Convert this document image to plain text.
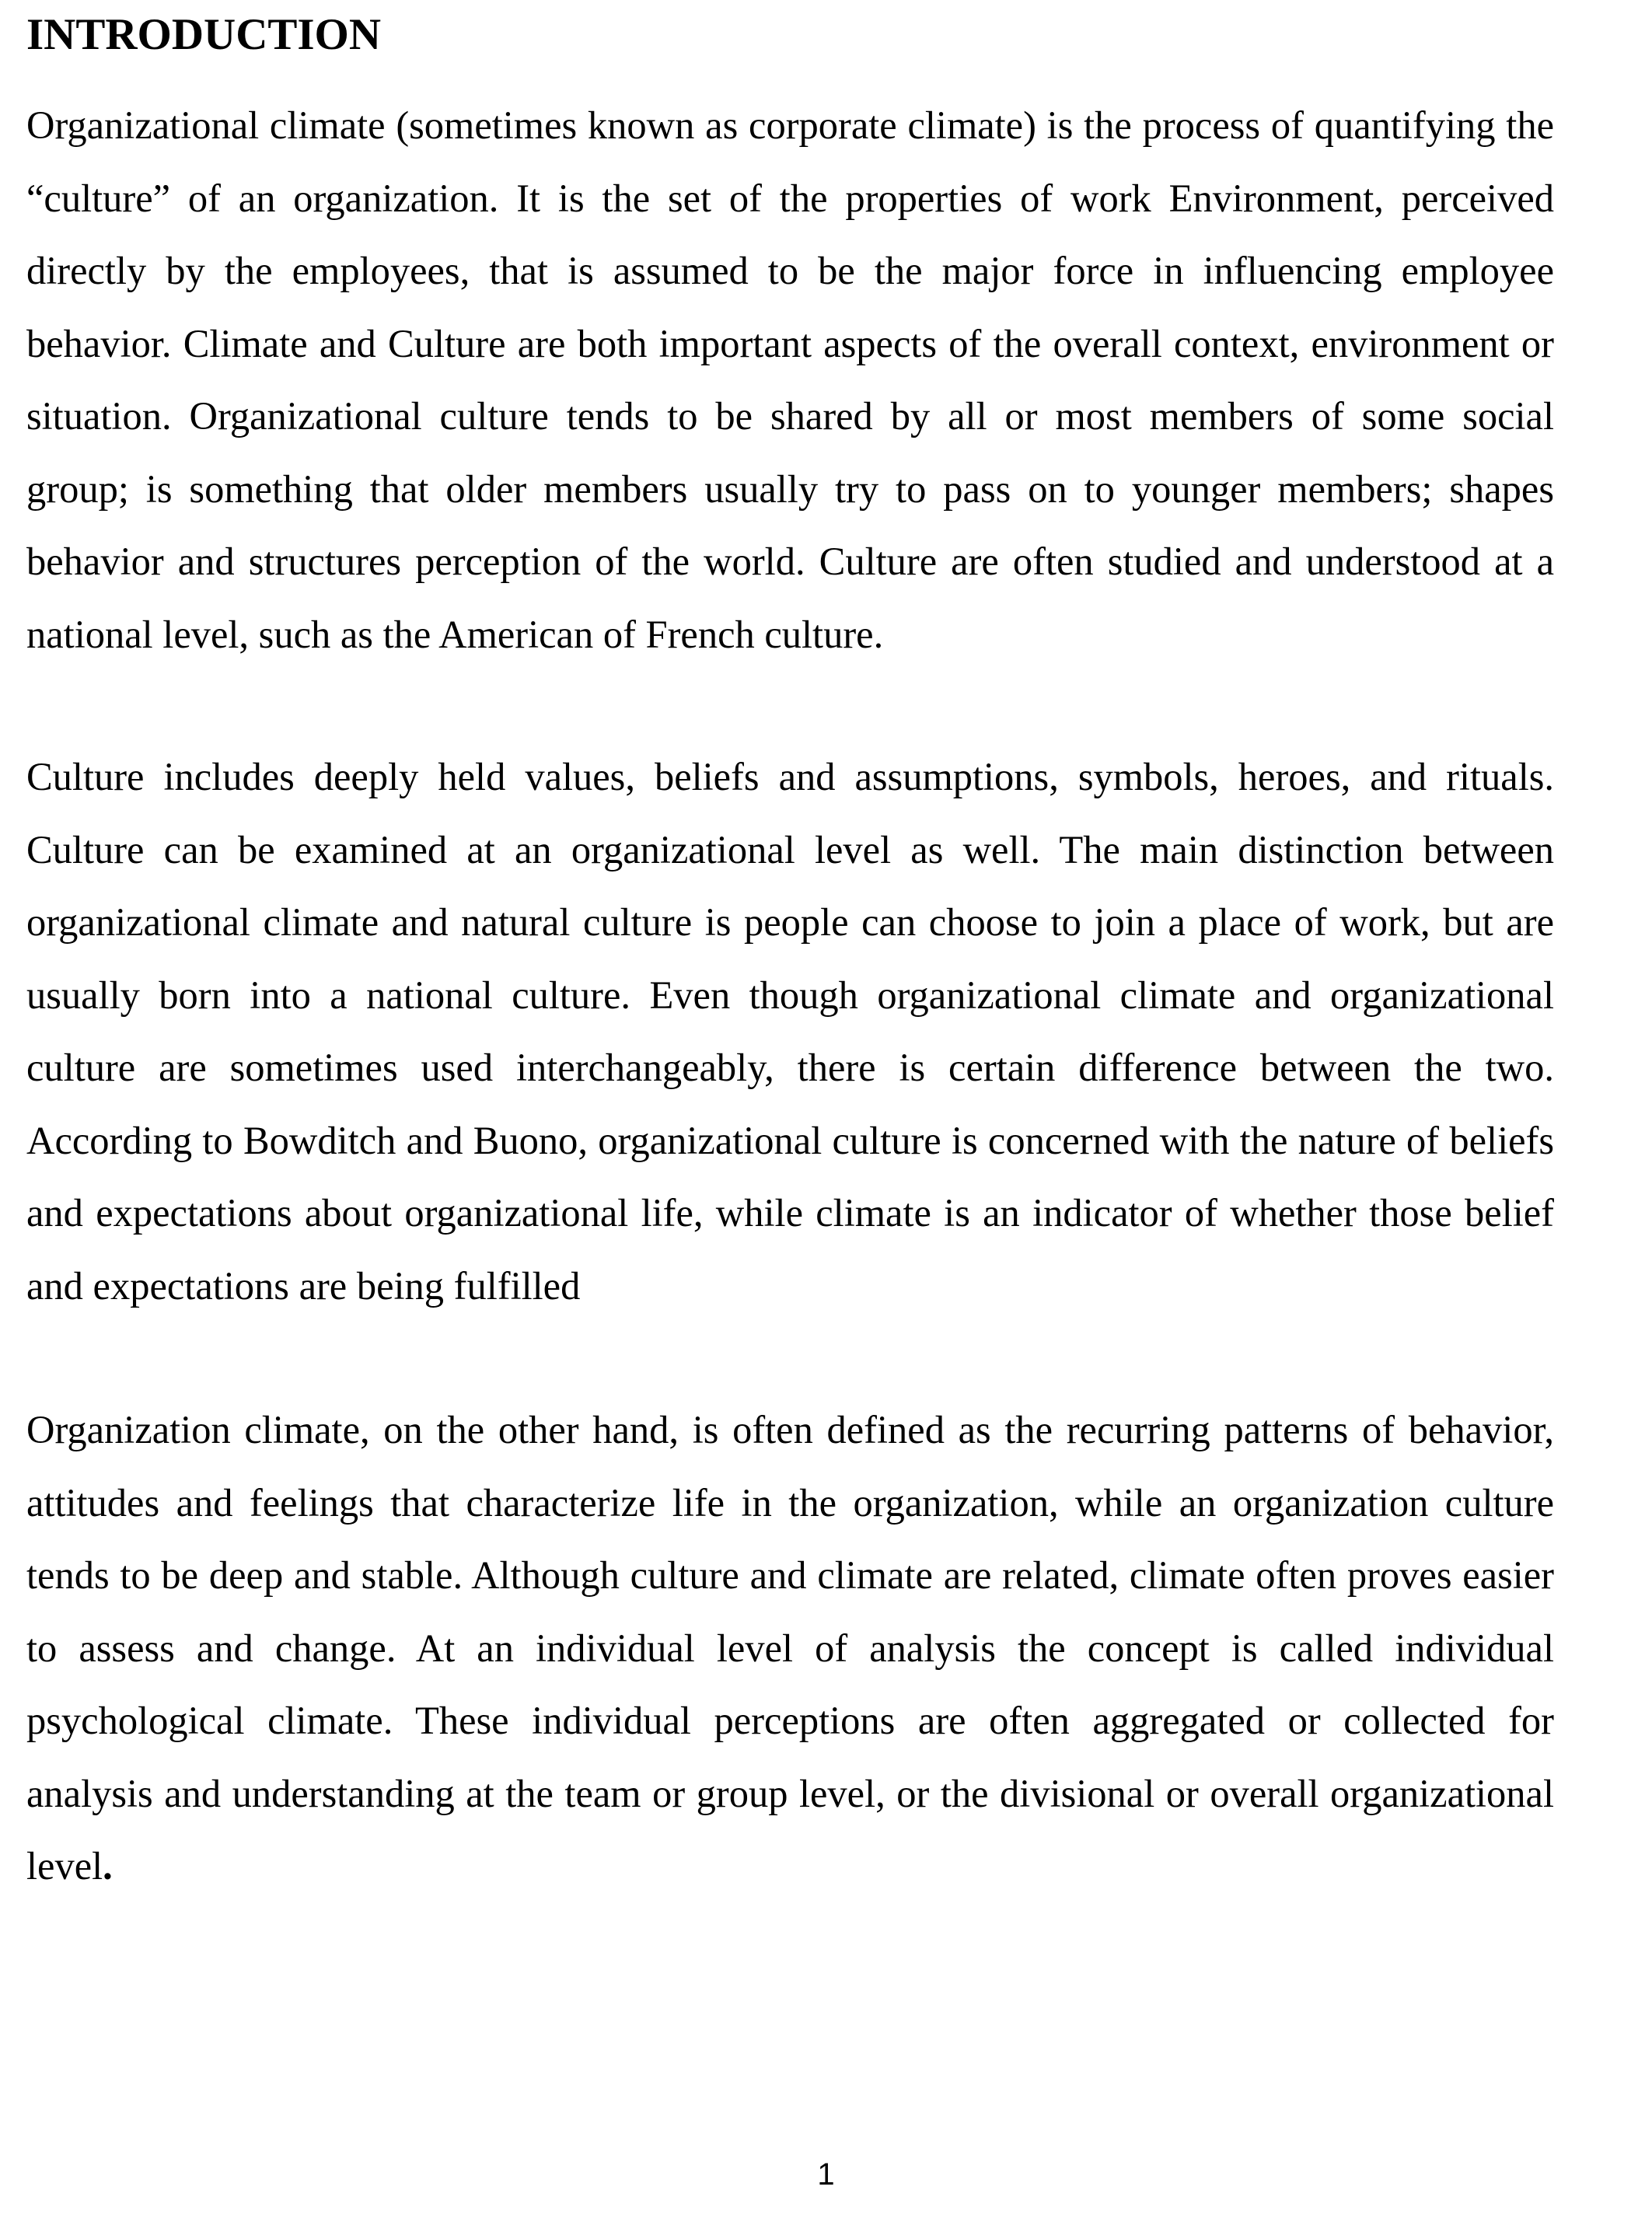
INTRODUCTION

Organizational climate (sometimes known as corporate climate) is the process of quantifying the “culture” of an organization. It is the set of the properties of work Environment, perceived directly by the employees, that is assumed to be the major force in influencing employee behavior. Climate and Culture are both important aspects of the overall context, environment or situation. Organizational culture tends to be shared by all or most members of some social group; is something that older members usually try to pass on to younger members; shapes behavior and structures perception of the world. Culture are often studied and understood at a national level, such as the American of French culture.

Culture includes deeply held values, beliefs and assumptions, symbols, heroes, and rituals. Culture can be examined at an organizational level as well. The main distinction between organizational climate and natural culture is people can choose to join a place of work, but are usually born into a national culture. Even though organizational climate and organizational culture are sometimes used interchangeably, there is certain difference between the two. According to Bowditch and Buono, organizational culture is concerned with the nature of beliefs and expectations about organizational life, while climate is an indicator of whether those belief and expectations are being fulfilled

Organization climate, on the other hand, is often defined as the recurring patterns of behavior, attitudes and feelings that characterize life in the organization, while an organization culture tends to be deep and stable. Although culture and climate are related, climate often proves easier to assess and change. At an individual level of analysis the concept is called individual psychological climate. These individual perceptions are often aggregated or collected for analysis and understanding at the team or group level, or the divisional or overall organizational level.

1
